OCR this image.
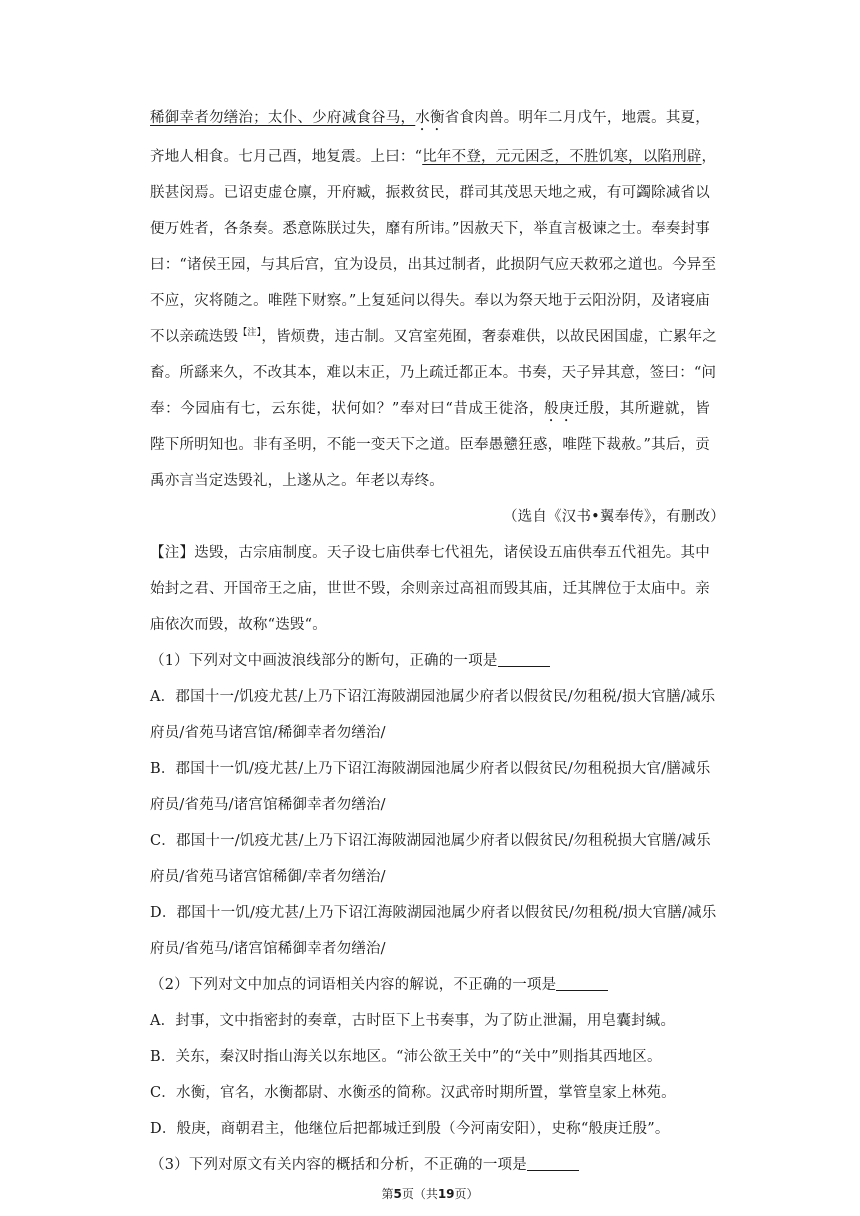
稀御幸者勿缮治；太仆、少府减食谷马，水衡省食肉兽。明年二月戊午，地震。其夏，
齐地人相食。七月己酉，地复震。上曰：“比年不登，元元困乏，不胜饥寒，以陷刑辟，
朕甚闵焉。已诏吏虚仓廪，开府臧，振救贫民，群司其茂思天地之戒，有可蠲除减省以
便万姓者，各条奏。悉意陈朕过失，靡有所讳。”因赦天下，举直言极谏之士。奉奏封事
曰：“诸侯王园，与其后宫，宜为设员，出其过制者，此损阴气应天救邪之道也。今异至
不应，灾将随之。唯陛下财察。”上复延问以得失。奉以为祭天地于云阳汾阴，及诸寝庙
不以亲疏迭毁$^{【注】}$，皆烦费，违古制。又宫室苑囿，奢泰难供，以故民困国虚，亡累年之
畜。所繇来久，不改其本，难以末正，乃上疏迁都正本。书奏，天子异其意，签曰：“问
奉：今园庙有七，云东徙，状何如？”奉对曰“昔成王徙洛，般庚迁殷，其所避就，皆
陛下所明知也。非有圣明，不能一变天下之道。臣奉愚戆狂惑，唯陛下裁赦。”其后，贡
禹亦言当定迭毁礼，上遂从之。年老以寿终。
（选自《汉书•翼奉传》，有删改）
【注】迭毁，古宗庙制度。天子设七庙供奉七代祖先，诸侯设五庙供奉五代祖先。其中
始封之君、开国帝王之庙，世世不毁，余则亲过高祖而毁其庙，迁其牌位于太庙中。亲
庙依次而毁，故称“迭毁“。
（1）下列对文中画波浪线部分的断句，正确的一项是
A．郡国十一/饥疫尤甚/上乃下诏江海陂湖园池属少府者以假贫民/勿租税/损大官膳/减乐
府员/省苑马诸宫馆/稀御幸者勿缮治/
B．郡国十一饥/疫尤甚/上乃下诏江海陂湖园池属少府者以假贫民/勿租税损大官/膳减乐
府员/省苑马/诸宫馆稀御幸者勿缮治/
C．郡国十一/饥疫尤甚/上乃下诏江海陂湖园池属少府者以假贫民/勿租税损大官膳/减乐
府员/省苑马诸宫馆稀御/幸者勿缮治/
D．郡国十一饥/疫尤甚/上乃下诏江海陂湖园池属少府者以假贫民/勿租税/损大官膳/减乐
府员/省苑马/诸宫馆稀御幸者勿缮治/
（2）下列对文中加点的词语相关内容的解说，不正确的一项是
A．封事，文中指密封的奏章，古时臣下上书奏事，为了防止泄漏，用皂囊封缄。
B．关东，秦汉时指山海关以东地区。“沛公欲王关中”的“关中”则指其西地区。
C．水衡，官名，水衡都尉、水衡丞的简称。汉武帝时期所置，掌管皇家上林苑。
D．般庚，商朝君主，他继位后把都城迁到殷（今河南安阳），史称“般庚迁殷”。
（3）下列对原文有关内容的概括和分析，不正确的一项是
第5页（共19页）
